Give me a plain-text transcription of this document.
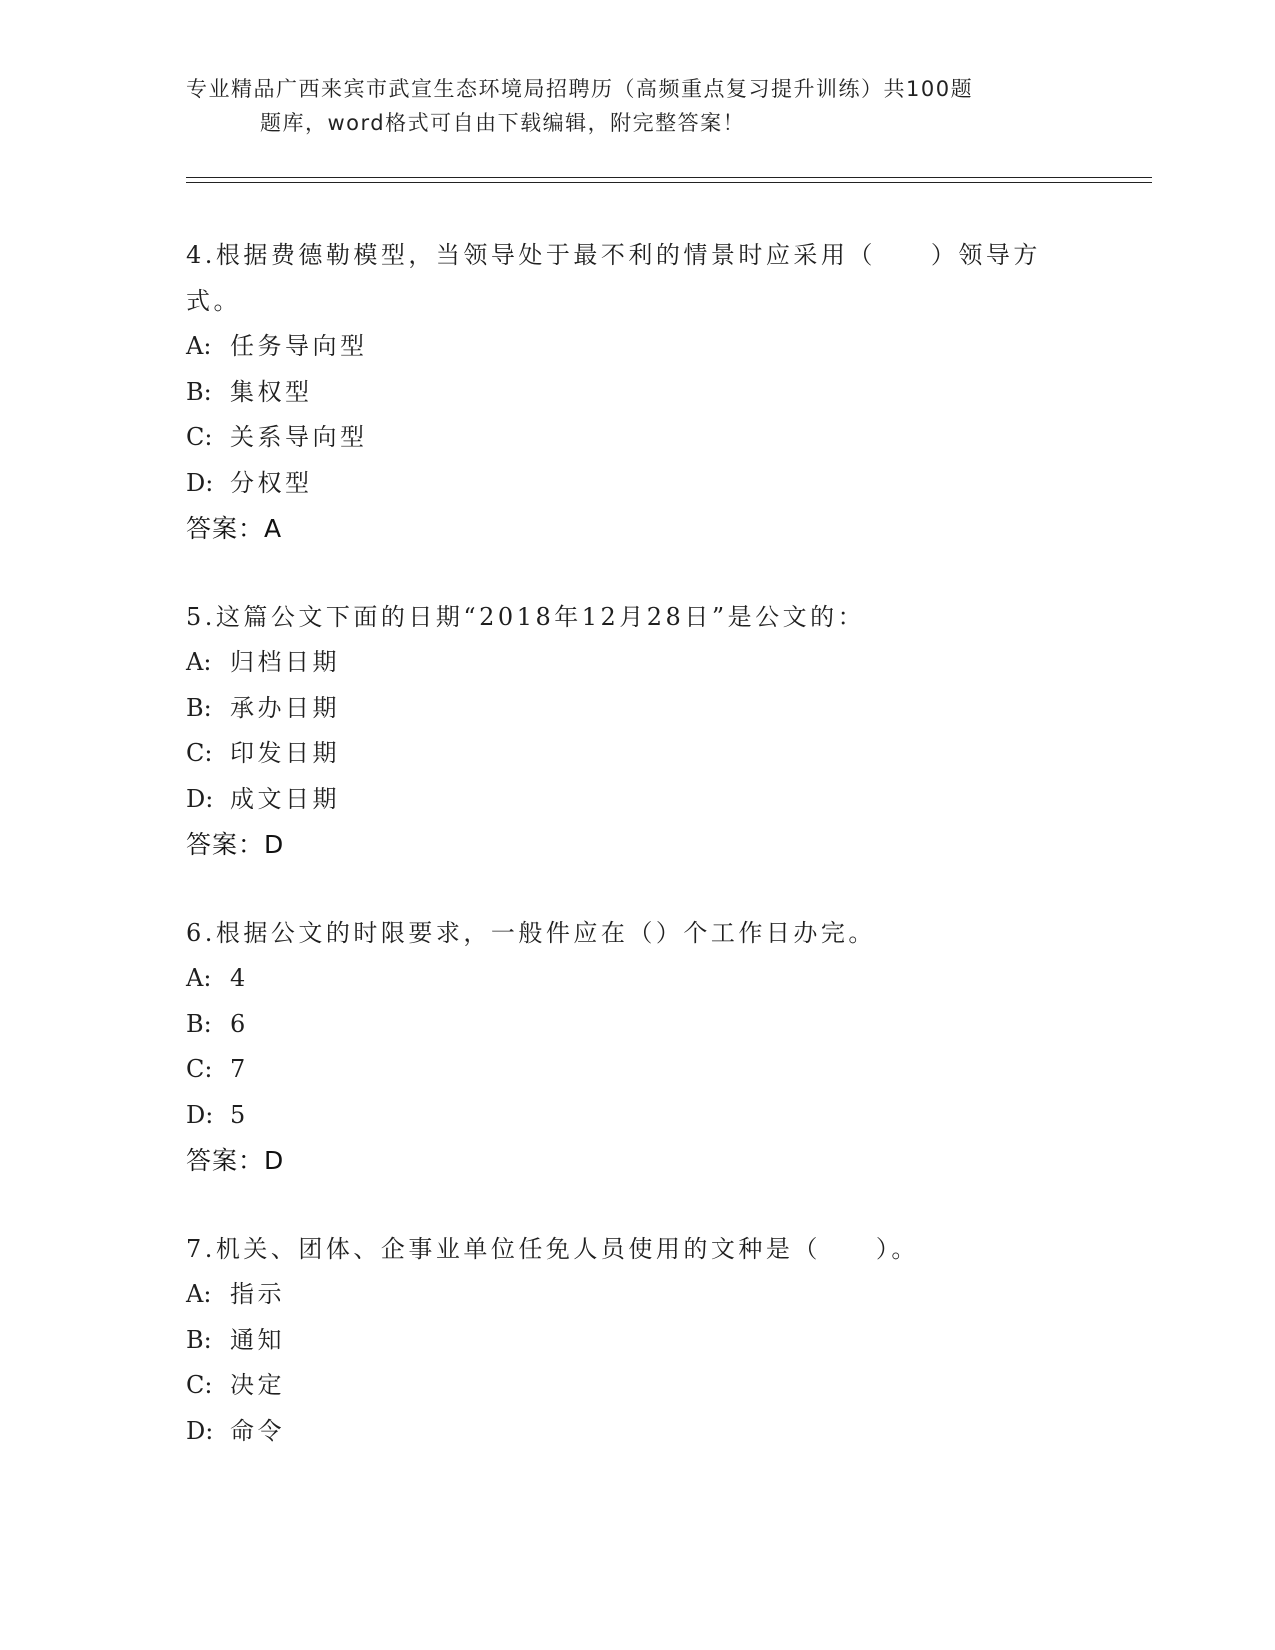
专业精品广西来宾市武宣生态环境局招聘历（高频重点复习提升训练）共100题
题库，word格式可自由下载编辑，附完整答案！
4.根据费德勒模型，当领导处于最不利的情景时应采用（　　）领导方式。
A: 任务导向型
B: 集权型
C: 关系导向型
D: 分权型
答案：A
5.这篇公文下面的日期“2018年12月28日”是公文的：
A: 归档日期
B: 承办日期
C: 印发日期
D: 成文日期
答案：D
6.根据公文的时限要求，一般件应在（）个工作日办完。
A: 4
B: 6
C: 7
D: 5
答案：D
7.机关、团体、企事业单位任免人员使用的文种是（　　）。
A: 指示
B: 通知
C: 决定
D: 命令
